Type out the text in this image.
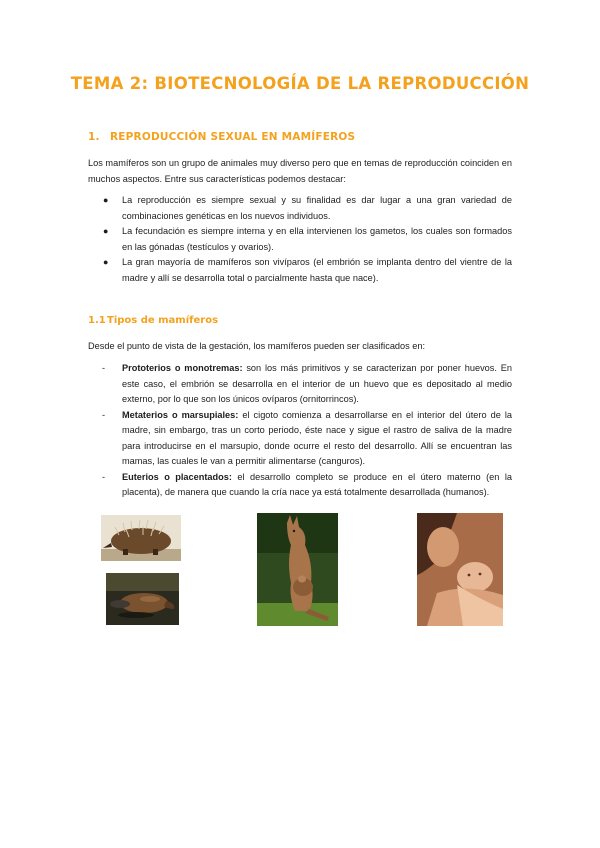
TEMA 2: BIOTECNOLOGÍA DE LA REPRODUCCIÓN
1. REPRODUCCIÓN SEXUAL EN MAMÍFEROS
Los mamíferos son un grupo de animales muy diverso pero que en temas de reproducción coinciden en muchos aspectos. Entre sus características podemos destacar:
● La reproducción es siempre sexual y su finalidad es dar lugar a una gran variedad de combinaciones genéticas en los nuevos individuos.
● La fecundación es siempre interna y en ella intervienen los gametos, los cuales son formados en las gónadas (testículos y ovarios).
● La gran mayoría de mamíferos son vivíparos (el embrión se implanta dentro del vientre de la madre y allí se desarrolla total o parcialmente hasta que nace).
1.1Tipos de mamíferos
Desde el punto de vista de la gestación, los mamíferos pueden ser clasificados en:
- Prototerios o monotremas: son los más primitivos y se caracterizan por poner huevos. En este caso, el embrión se desarrolla en el interior de un huevo que es depositado al medio externo, por lo que son los únicos ovíparos (ornitorrincos).
- Metaterios o marsupiales: el cigoto comienza a desarrollarse en el interior del útero de la madre, sin embargo, tras un corto periodo, éste nace y sigue el rastro de saliva de la madre para introducirse en el marsupio, donde ocurre el resto del desarrollo. Allí se encuentran las mamas, las cuales le van a permitir alimentarse (canguros).
- Euterios o placentados: el desarrollo completo se produce en el útero materno (en la placenta), de manera que cuando la cría nace ya está totalmente desarrollada (humanos).
